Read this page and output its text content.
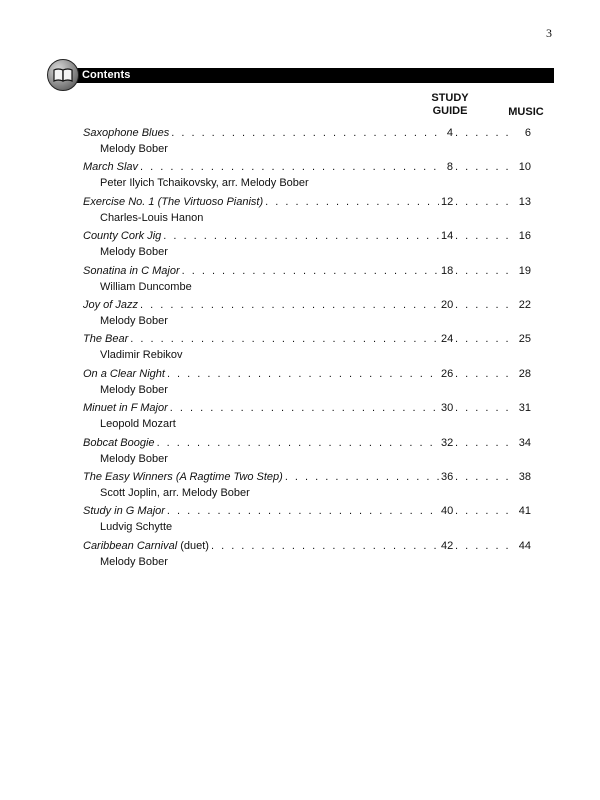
3
Contents
STUDY
GUIDE	MUSIC
Saxophone Blues . . .	4 . . .	6
Melody Bober
March Slav . . .	8 . . .	10
Peter Ilyich Tchaikovsky, arr. Melody Bober
Exercise No. 1 (The Virtuoso Pianist) . . .	12 . . .	13
Charles-Louis Hanon
County Cork Jig . . .	14 . . .	16
Melody Bober
Sonatina in C Major . . .	18 . . .	19
William Duncombe
Joy of Jazz . . .	20 . . .	22
Melody Bober
The Bear . . .	24 . . .	25
Vladimir Rebikov
On a Clear Night . . .	26 . . .	28
Melody Bober
Minuet in F Major . . .	30 . . .	31
Leopold Mozart
Bobcat Boogie . . .	32 . . .	34
Melody Bober
The Easy Winners (A Ragtime Two Step) . . .	36 . . .	38
Scott Joplin, arr. Melody Bober
Study in G Major . . .	40 . . .	41
Ludvig Schytte
Caribbean Carnival (duet) . . .	42 . . .	44
Melody Bober
